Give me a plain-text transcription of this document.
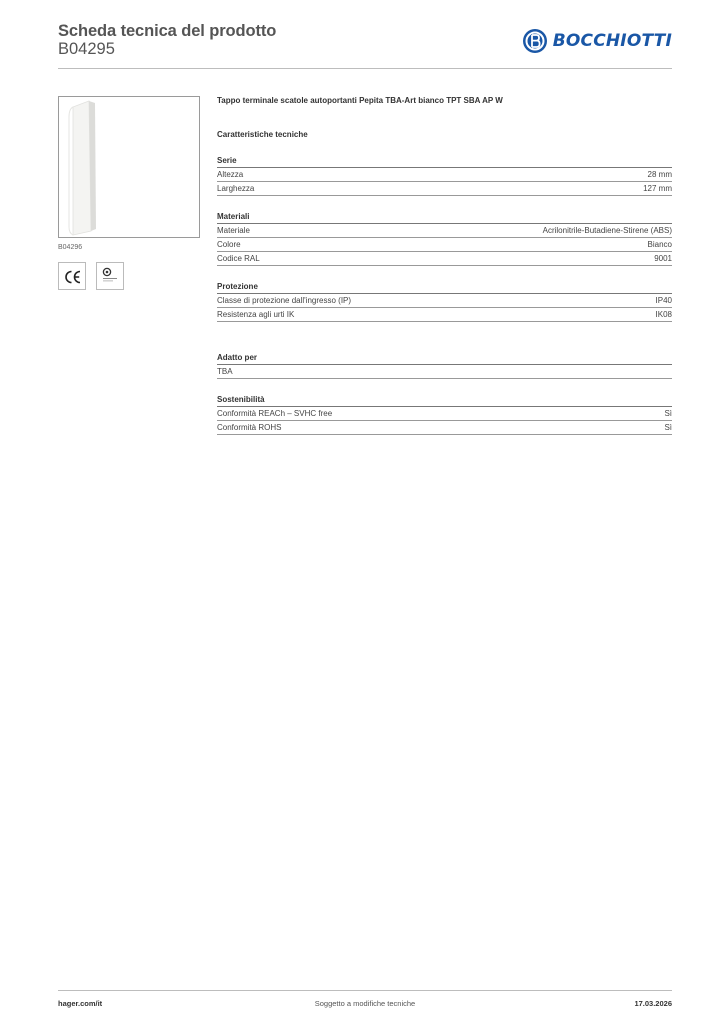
Scheda tecnica del prodotto
B04295	BOCCHIOTTI
B04296
Tappo terminale scatole autoportanti Pepita TBA-Art bianco TPT SBA AP W
Caratteristiche tecniche
Serie
Altezza	28 mm
Larghezza	127 mm
Materiali
Materiale	Acrilonitrile-Butadiene-Stirene (ABS)
Colore	Bianco
Codice RAL	9001
Protezione
Classe di protezione dall'ingresso (IP)	IP40
Resistenza agli urti IK	IK08
Adatto per
TBA
Sostenibilità
Conformità REACh – SVHC free	Sì
Conformità ROHS	Sì
hager.com/it	Soggetto a modifiche tecniche	17.03.2026
